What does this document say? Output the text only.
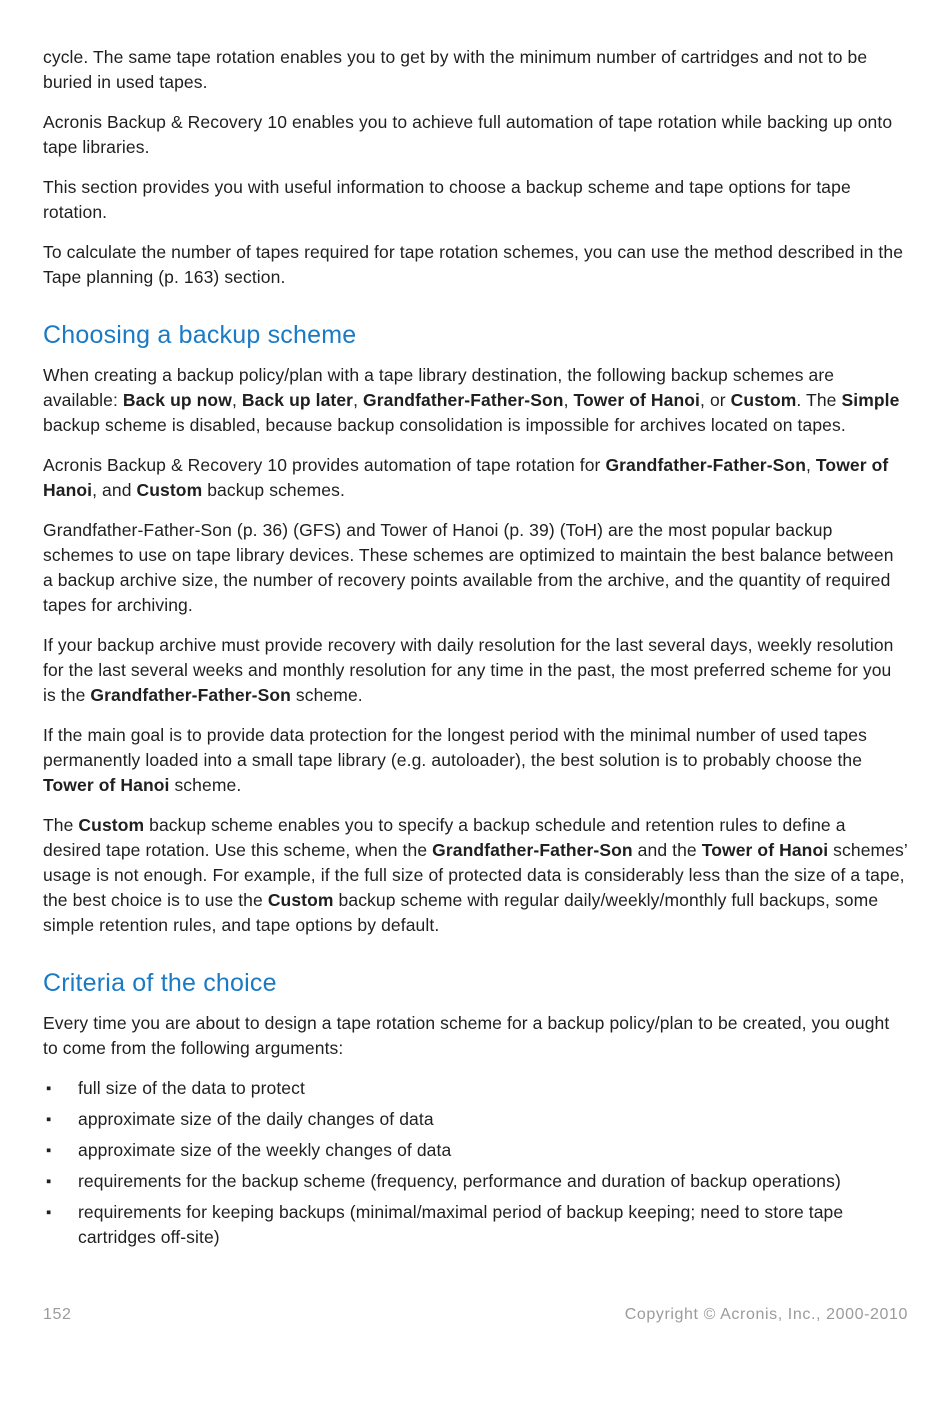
cycle. The same tape rotation enables you to get by with the minimum number of cartridges and not to be buried in used tapes.

Acronis Backup & Recovery 10 enables you to achieve full automation of tape rotation while backing up onto tape libraries.

This section provides you with useful information to choose a backup scheme and tape options for tape rotation.

To calculate the number of tapes required for tape rotation schemes, you can use the method described in the Tape planning (p. 163) section.

Choosing a backup scheme

When creating a backup policy/plan with a tape library destination, the following backup schemes are available: Back up now, Back up later, Grandfather-Father-Son, Tower of Hanoi, or Custom. The Simple backup scheme is disabled, because backup consolidation is impossible for archives located on tapes.

Acronis Backup & Recovery 10 provides automation of tape rotation for Grandfather-Father-Son, Tower of Hanoi, and Custom backup schemes.

Grandfather-Father-Son (p. 36) (GFS) and Tower of Hanoi (p. 39) (ToH) are the most popular backup schemes to use on tape library devices. These schemes are optimized to maintain the best balance between a backup archive size, the number of recovery points available from the archive, and the quantity of required tapes for archiving.

If your backup archive must provide recovery with daily resolution for the last several days, weekly resolution for the last several weeks and monthly resolution for any time in the past, the most preferred scheme for you is the Grandfather-Father-Son scheme.

If the main goal is to provide data protection for the longest period with the minimal number of used tapes permanently loaded into a small tape library (e.g. autoloader), the best solution is to probably choose the Tower of Hanoi scheme.

The Custom backup scheme enables you to specify a backup schedule and retention rules to define a desired tape rotation. Use this scheme, when the Grandfather-Father-Son and the Tower of Hanoi schemes’ usage is not enough. For example, if the full size of protected data is considerably less than the size of a tape, the best choice is to use the Custom backup scheme with regular daily/weekly/monthly full backups, some simple retention rules, and tape options by default.

Criteria of the choice

Every time you are about to design a tape rotation scheme for a backup policy/plan to be created, you ought to come from the following arguments:

▪	full size of the data to protect
▪	approximate size of the daily changes of data
▪	approximate size of the weekly changes of data
▪	requirements for the backup scheme (frequency, performance and duration of backup operations)
▪	requirements for keeping backups (minimal/maximal period of backup keeping; need to store tape cartridges off-site)
152	Copyright © Acronis, Inc., 2000-2010
